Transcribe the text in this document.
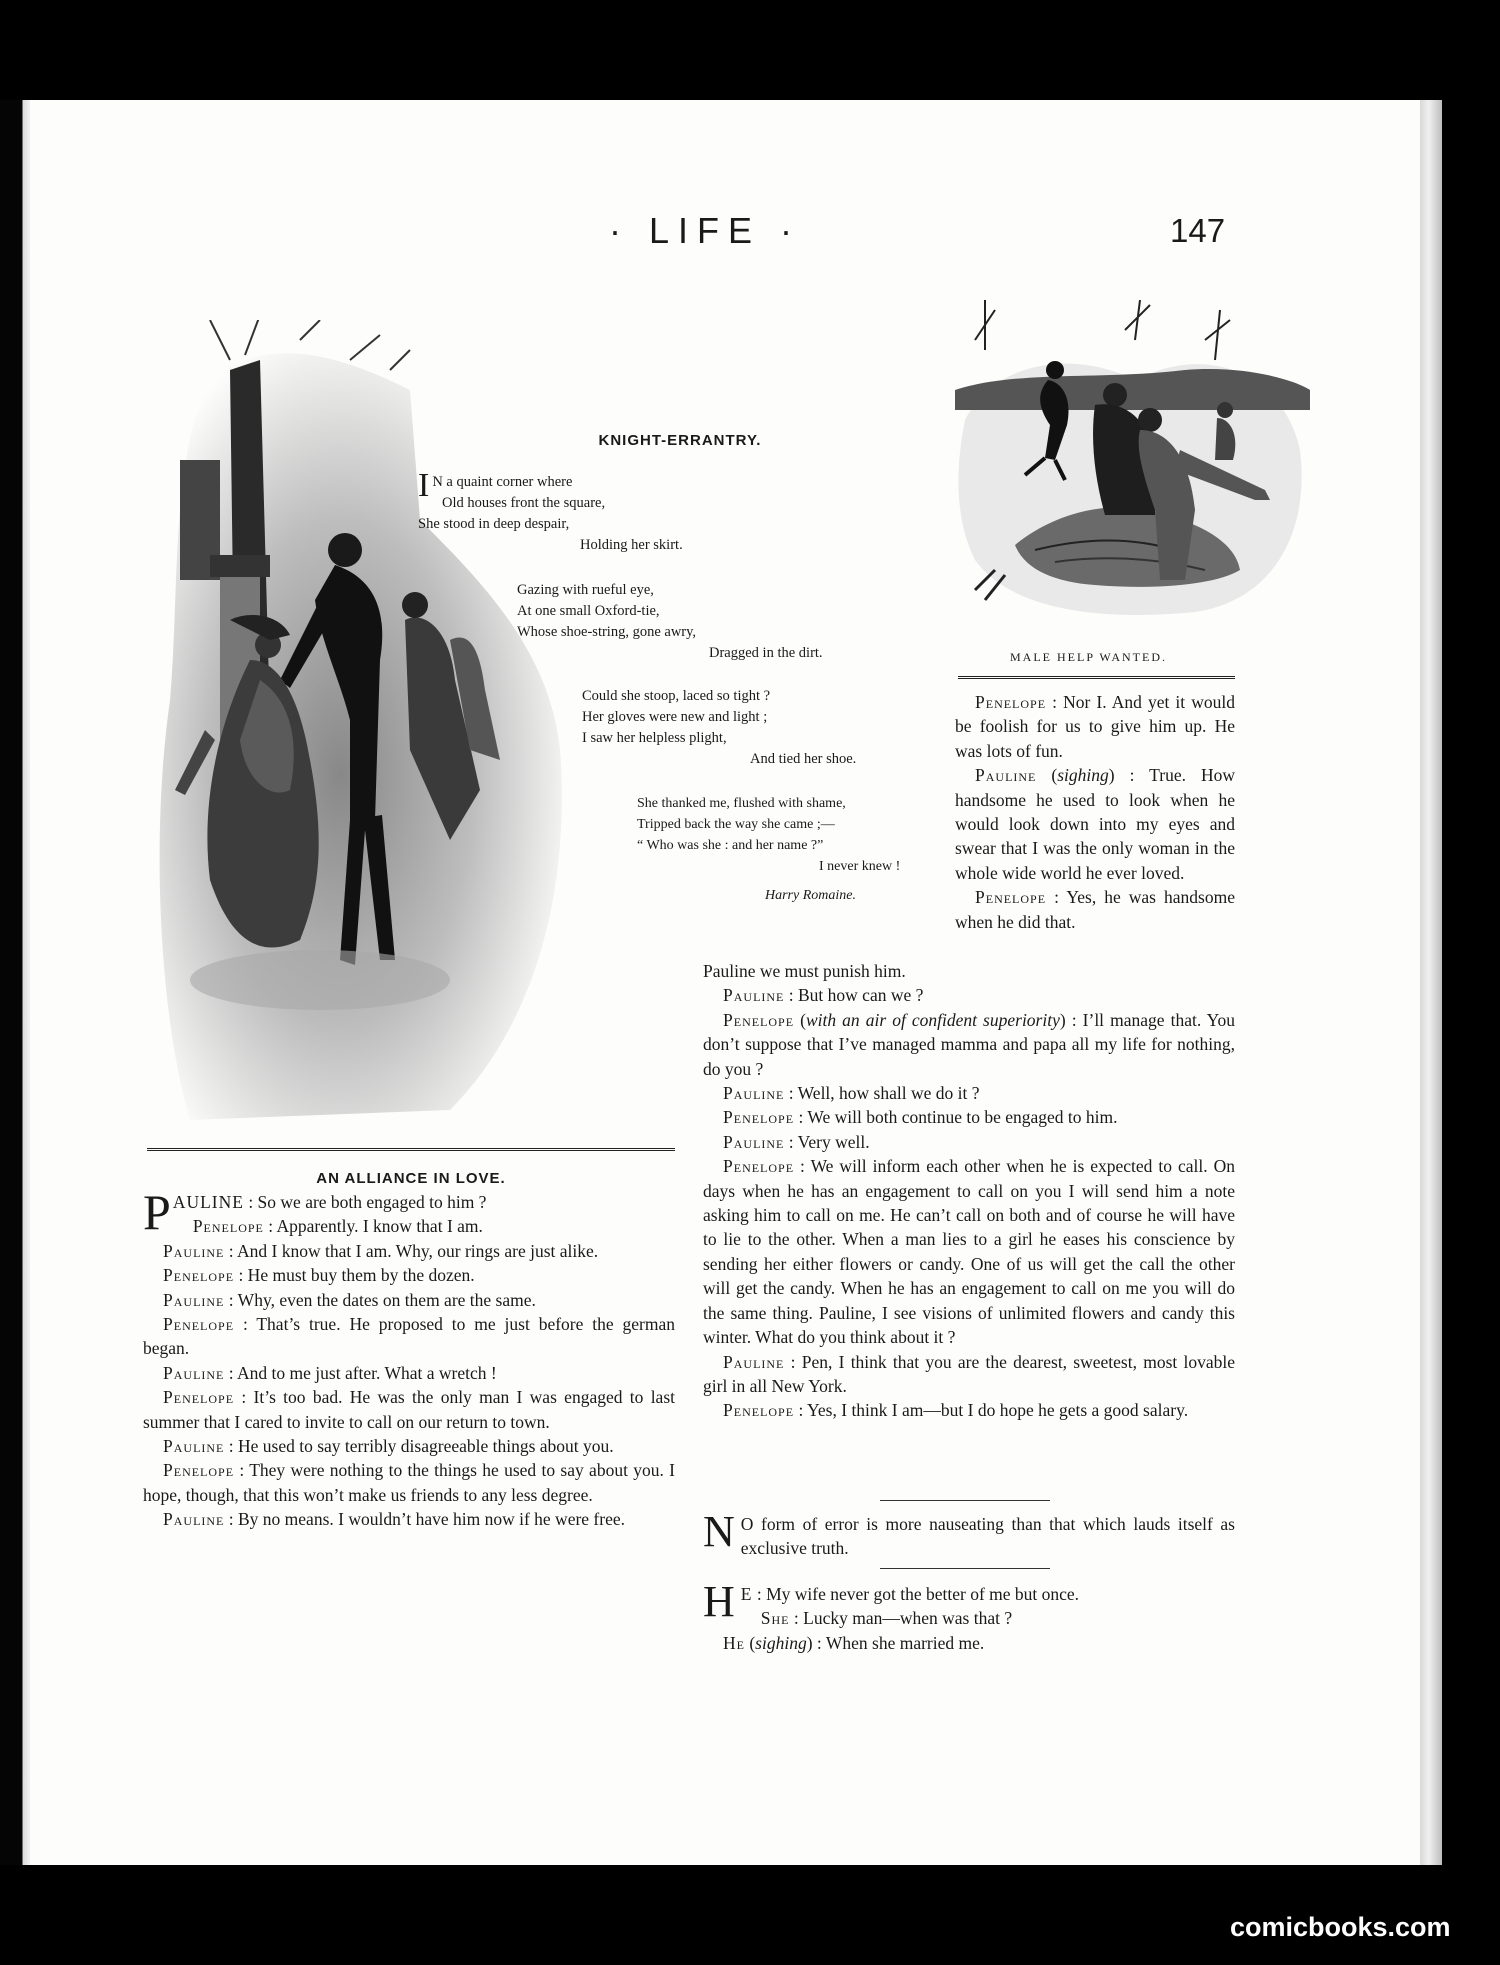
· LIFE ·	147
MALE HELP WANTED.
KNIGHT-ERRANTRY.
I N a quaint corner where
Old houses front the square,
She stood in deep despair,
Holding her skirt.
Gazing with rueful eye,
At one small Oxford-tie,
Whose shoe-string, gone awry,
Dragged in the dirt.
Could she stoop, laced so tight ?
Her gloves were new and light ;
I saw her helpless plight,
And tied her shoe.
She thanked me, flushed with shame,
Tripped back the way she came ;—
“ Who was she : and her name ?”
I never knew !
Harry Romaine.

Penelope : Nor I. And yet it would be foolish for us to give him up. He was lots of fun.

Pauline (sighing) : True. How handsome he used to look when he would look down into my eyes and swear that I was the only woman in the whole wide world he ever loved.

Penelope : Yes, he was handsome when he did that.

Pauline we must punish him.

Pauline : But how can we ?

Penelope (with an air of confident superiority) : I’ll manage that. You don’t suppose that I’ve managed mamma and papa all my life for nothing, do you ?

Pauline : Well, how shall we do it ?

Penelope : We will both continue to be engaged to him.

Pauline : Very well.

Penelope : We will inform each other when he is expected to call. On days when he has an engagement to call on you I will send him a note asking him to call on me. He can’t call on both and of course he will have to lie to the other. When a man lies to a girl he eases his conscience by sending her either flowers or candy. One of us will get the call the other will get the candy. When he has an engagement to call on me you will do the same thing. Pauline, I see visions of unlimited flowers and candy this winter. What do you think about it ?

Pauline : Pen, I think that you are the dearest, sweetest, most lovable girl in all New York.

Penelope : Yes, I think I am—but I do hope he gets a good salary.

N O form of error is more nauseating than that which lauds itself as exclusive truth.

H E : My wife never got the better of me but once.

She : Lucky man—when was that ?

He (sighing) : When she married me.

AN ALLIANCE IN LOVE.

PAULINE : So we are both engaged to him ?

Penelope : Apparently. I know that I am.

Pauline : And I know that I am. Why, our rings are just alike.

Penelope : He must buy them by the dozen.

Pauline : Why, even the dates on them are the same.

Penelope : That’s true. He proposed to me just before the german began.

Pauline : And to me just after. What a wretch !

Penelope : It’s too bad. He was the only man I was engaged to last summer that I cared to invite to call on our return to town.

Pauline : He used to say terribly disagreeable things about you.

Penelope : They were nothing to the things he used to say about you. I hope, though, that this won’t make us friends to any less degree.

Pauline : By no means. I wouldn’t have him now if he were free.

comicbooks.com
